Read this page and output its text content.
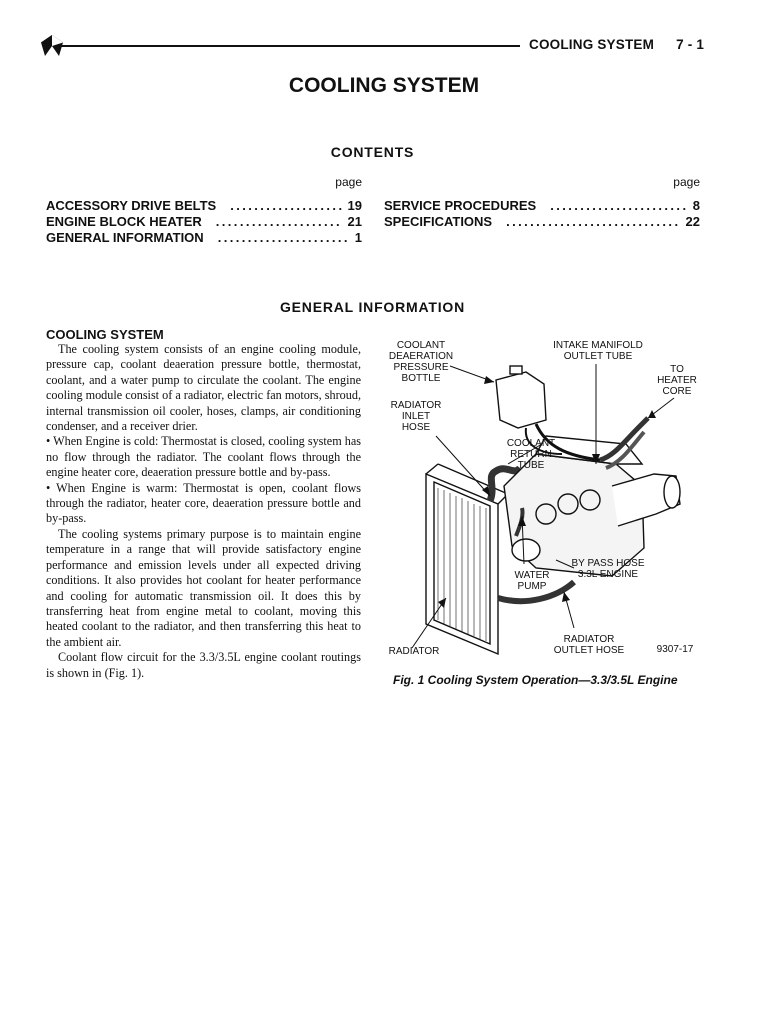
COOLING SYSTEM 7 - 1
COOLING SYSTEM
CONTENTS
page	page
ACCESSORY DRIVE BELTS .....	19
ENGINE BLOCK HEATER .....	21
GENERAL INFORMATION .....	1
SERVICE PROCEDURES .....	8
SPECIFICATIONS .....	22
GENERAL INFORMATION
COOLING SYSTEM

The cooling system consists of an engine cooling module, pressure cap, coolant deaeration pressure bottle, thermostat, coolant, and a water pump to circulate the coolant. The engine cooling module consist of a radiator, electric fan motors, shroud, internal transmission oil cooler, hoses, clamps, air conditioning condenser, and a receiver drier.

• When Engine is cold: Thermostat is closed, cooling system has no flow through the radiator. The coolant flows through the engine heater core, deaeration pressure bottle and by-pass.

• When Engine is warm: Thermostat is open, coolant flows through the radiator, heater core, deaeration pressure bottle and by-pass.

The cooling systems primary purpose is to maintain engine temperature in a range that will provide satisfactory engine performance and emission levels under all expected driving conditions. It also provides hot coolant for heater performance and cooling for automatic transmission oil. It does this by transferring heat from engine metal to coolant, moving this heated coolant to the radiator, and then transferring this heat to the ambient air.

Coolant flow circuit for the 3.3/3.5L engine coolant routings is shown in (Fig. 1).

COOLANT
DEAERATION
PRESSURE
BOTTLE
INTAKE MANIFOLD
OUTLET TUBE
TO
HEATER
CORE
RADIATOR
INLET
HOSE
COOLANT
RETURN
TUBE
BY PASS HOSE
3.3L ENGINE
WATER
PUMP
RADIATOR
RADIATOR
OUTLET HOSE	9307-17
Fig. 1 Cooling System Operation—3.3/3.5L Engine
